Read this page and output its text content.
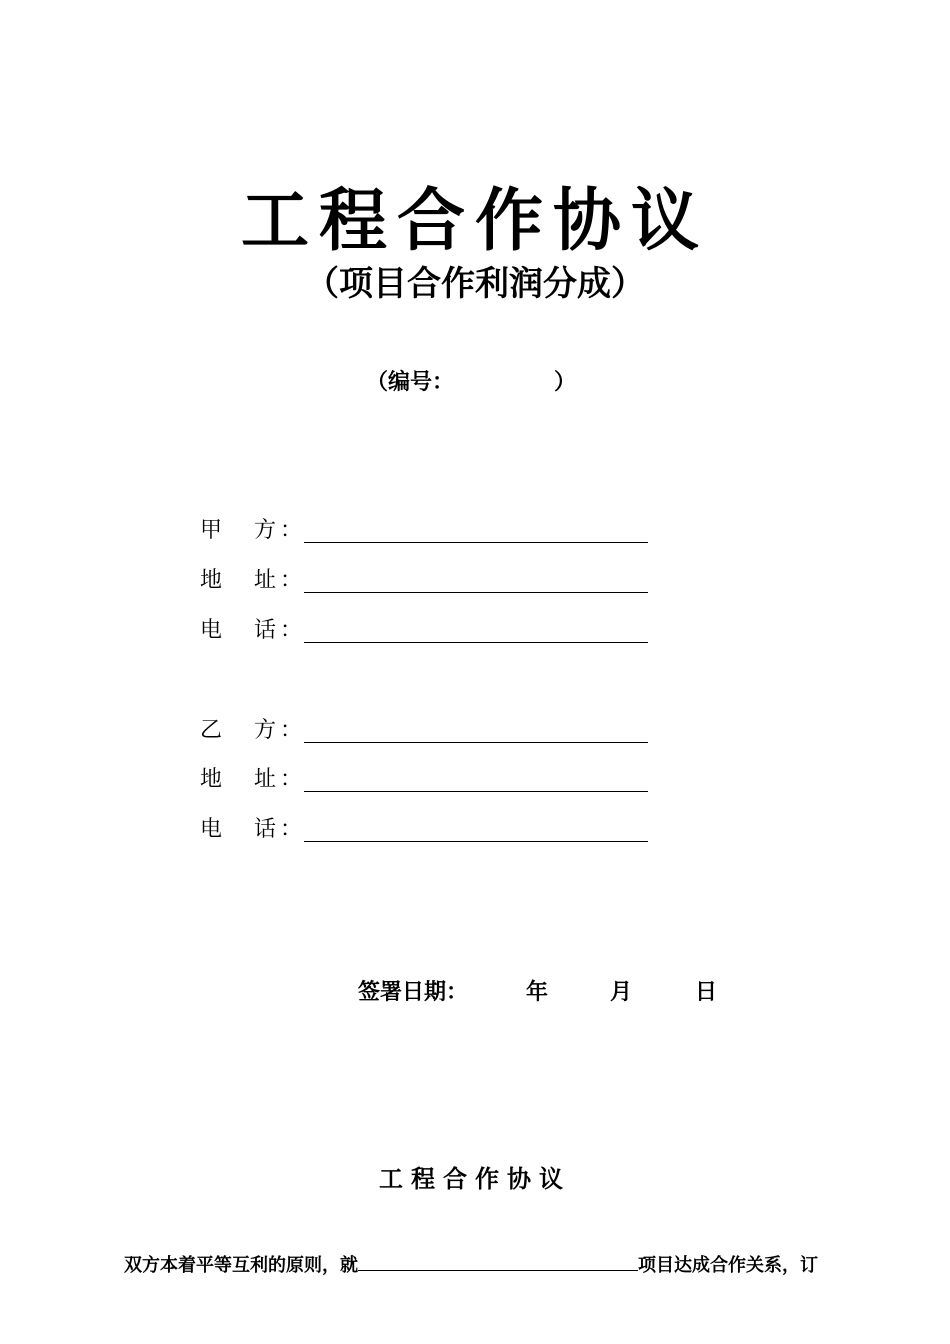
工程合作协议
（项目合作利润分成）
（编号：	）
甲 方 ：
地 址 ：
电 话 ：
乙 方 ：
地 址 ：
电 话 ：
签署日期：	年	月	日
工程合作协议
双方本着平等互利的原则，就	项目达成合作关系，订
